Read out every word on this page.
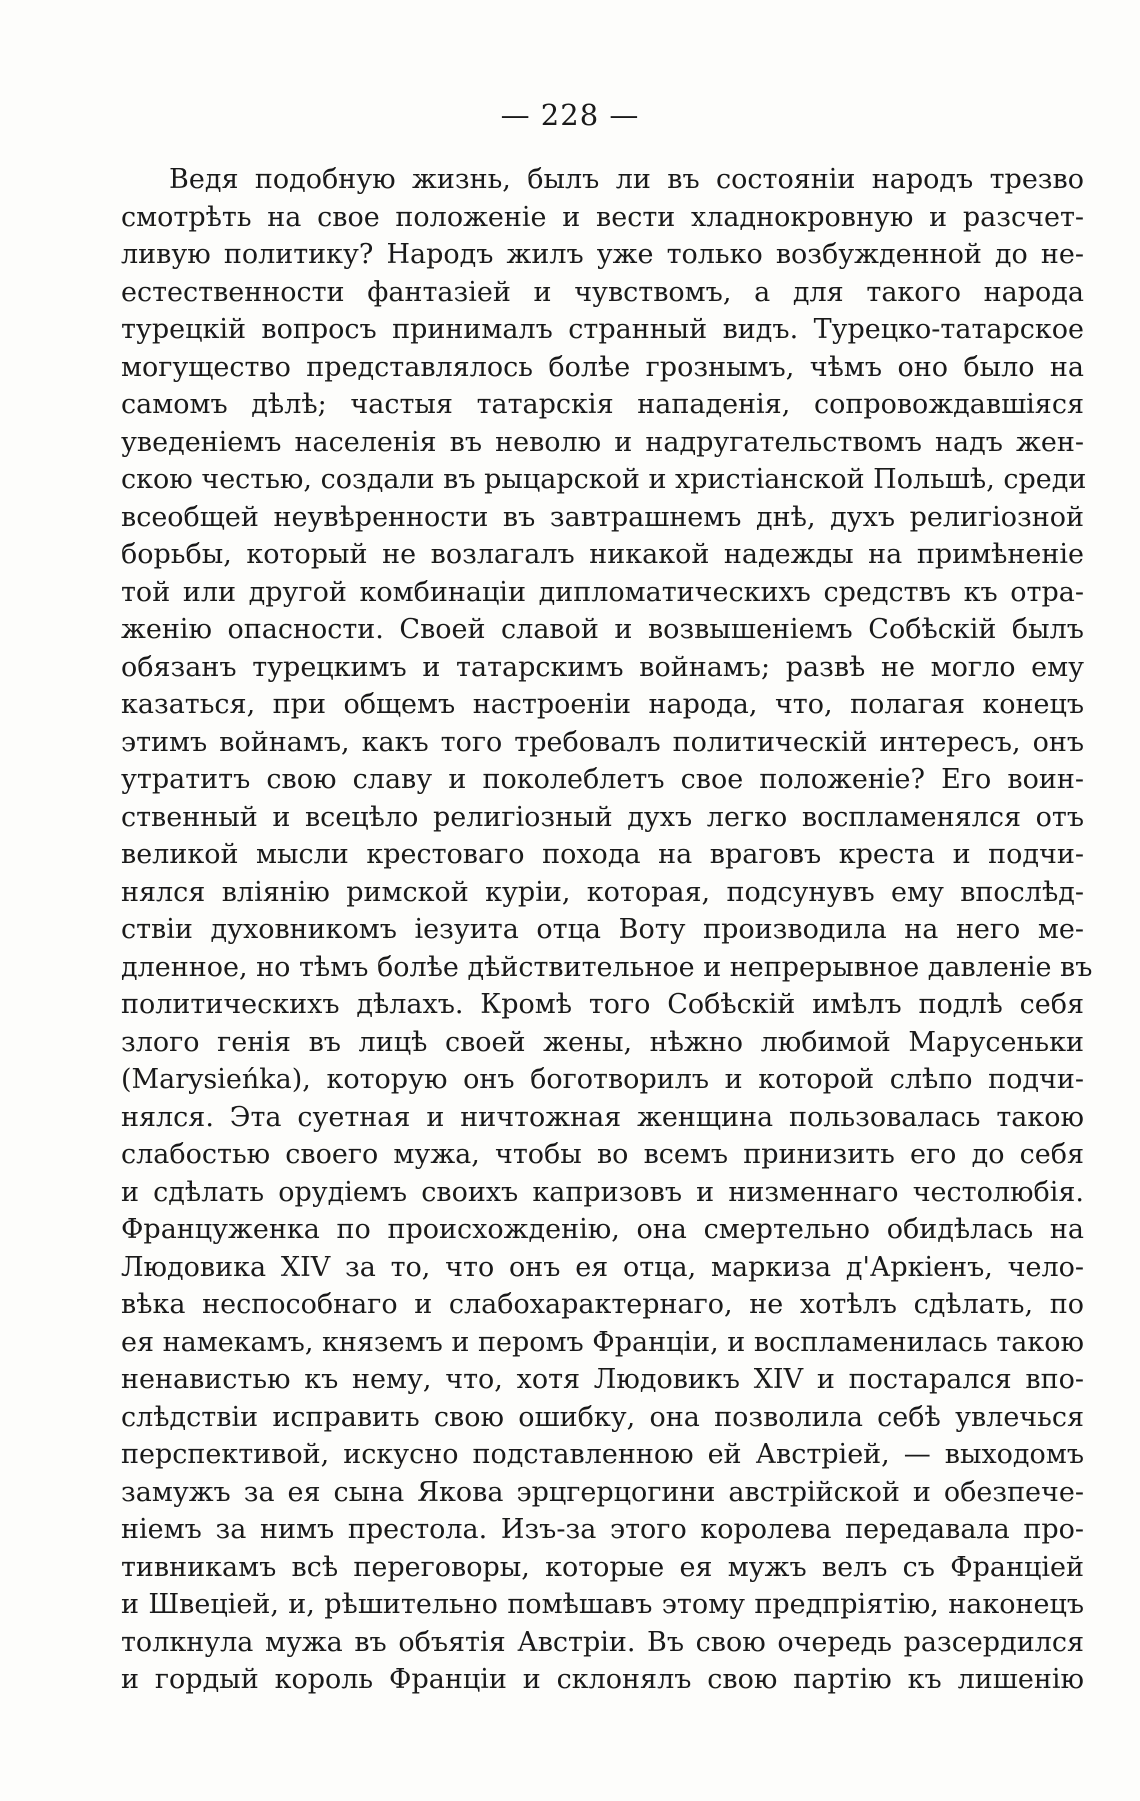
— 228 —
Ведя подобную жизнь, былъ ли въ состоянiи народъ трезво
смотрѣть на свое положенiе и вести хладнокровную и разсчет-
ливую политику? Народъ жилъ уже только возбужденной до не-
естественности фантазiей и чувствомъ, а для такого народа
турецкiй вопросъ принималъ странный видъ. Турецко-татарское
могущество представлялось болѣе грознымъ, чѣмъ оно было на
самомъ дѣлѣ; частыя татарскiя нападенiя, сопровождавшiяся
уведенiемъ населенiя въ неволю и надругательствомъ надъ жен-
скою честью, создали въ рыцарской и христiанской Польшѣ, среди
всеобщей неувѣренности въ завтрашнемъ днѣ, духъ религiозной
борьбы, который не возлагалъ никакой надежды на примѣненiе
той или другой комбинацiи дипломатическихъ средствъ къ отра-
женiю опасности. Своей славой и возвышенiемъ Собѣскiй былъ
обязанъ турецкимъ и татарскимъ войнамъ; развѣ не могло ему
казаться, при общемъ настроенiи народа, что, полагая конецъ
этимъ войнамъ, какъ того требовалъ политическiй интересъ, онъ
утратитъ свою славу и поколеблетъ свое положенiе? Его воин-
ственный и всецѣло религiозный духъ легко воспламенялся отъ
великой мысли крестоваго похода на враговъ креста и подчи-
нялся влiянiю римской курiи, которая, подсунувъ ему впослѣд-
ствiи духовникомъ iезуита отца Воту производила на него ме-
дленное, но тѣмъ болѣе дѣйствительное и непрерывное давленiе въ
политическихъ дѣлахъ. Кромѣ того Собѣскiй имѣлъ подлѣ себя
злого генiя въ лицѣ своей жены, нѣжно любимой Марусеньки
(Marysieńka), которую онъ боготворилъ и которой слѣпо подчи-
нялся. Эта суетная и ничтожная женщина пользовалась такою
слабостью своего мужа, чтобы во всемъ принизить его до себя
и сдѣлать орудiемъ своихъ капризовъ и низменнаго честолюбiя.
Француженка по происхожденiю, она смертельно обидѣлась на
Людовика XIV за то, что онъ ея отца, маркиза д'Аркiенъ, чело-
вѣка неспособнаго и слабохарактернаго, не хотѣлъ сдѣлать, по
ея намекамъ, княземъ и перомъ Францiи, и воспламенилась такою
ненавистью къ нему, что, хотя Людовикъ XIV и постарался впо-
слѣдствiи исправить свою ошибку, она позволила себѣ увлечься
перспективой, искусно подставленною ей Австрiей, — выходомъ
замужъ за ея сына Якова эрцгерцогини австрiйской и обезпече-
нiемъ за нимъ престола. Изъ-за этого королева передавала про-
тивникамъ всѣ переговоры, которые ея мужъ велъ съ Францiей
и Швецiей, и, рѣшительно помѣшавъ этому предпрiятiю, наконецъ
толкнула мужа въ объятiя Австрiи. Въ свою очередь разсердился
и гордый король Францiи и склонялъ свою партiю къ лишенiю
